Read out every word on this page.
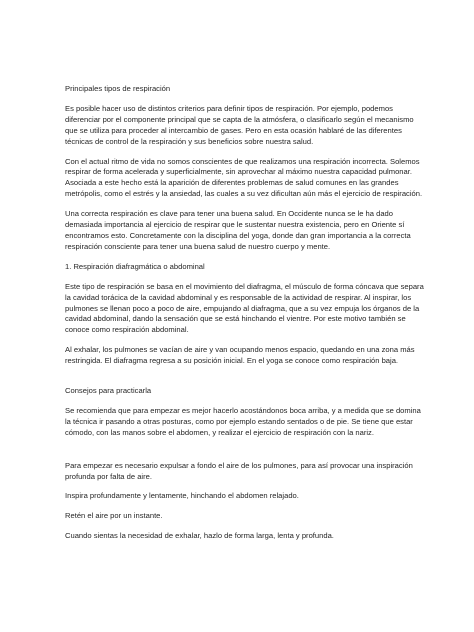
Principales tipos de respiración

Es posible hacer uso de distintos criterios para definir tipos de respiración. Por ejemplo, podemos diferenciar por el componente principal que se capta de la atmósfera, o clasificarlo según el mecanismo que se utiliza para proceder al intercambio de gases. Pero en esta ocasión hablaré de las diferentes técnicas de control de la respiración y sus beneficios sobre nuestra salud.

Con el actual ritmo de vida no somos conscientes de que realizamos una respiración incorrecta. Solemos respirar de forma acelerada y superficialmente, sin aprovechar al máximo nuestra capacidad pulmonar. Asociada a este hecho está la aparición de diferentes problemas de salud comunes en las grandes metrópolis, como el estrés y la ansiedad, las cuales a su vez dificultan aún más el ejercicio de respiración.

Una correcta respiración es clave para tener una buena salud. En Occidente nunca se le ha dado demasiada importancia al ejercicio de respirar que le sustentar nuestra existencia, pero en Oriente sí encontramos esto. Concretamente con la disciplina del yoga, donde dan gran importancia a la correcta respiración consciente para tener una buena salud de nuestro cuerpo y mente.

1. Respiración diafragmática o abdominal

Este tipo de respiración se basa en el movimiento del diafragma, el músculo de forma cóncava que separa la cavidad torácica de la cavidad abdominal y es responsable de la actividad de respirar. Al inspirar, los pulmones se llenan poco a poco de aire, empujando al diafragma, que a su vez empuja los órganos de la cavidad abdominal, dando la sensación que se está hinchando el vientre. Por este motivo también se conoce como respiración abdominal.

Al exhalar, los pulmones se vacían de aire y van ocupando menos espacio, quedando en una zona más restringida. El diafragma regresa a su posición inicial. En el yoga se conoce como respiración baja.

Consejos para practicarla

Se recomienda que para empezar es mejor hacerlo acostándonos boca arriba, y a medida que se domina la técnica ir pasando a otras posturas, como por ejemplo estando sentados o de pie. Se tiene que estar cómodo, con las manos sobre el abdomen, y realizar el ejercicio de respiración con la nariz.

Para empezar es necesario expulsar a fondo el aire de los pulmones, para así provocar una inspiración profunda por falta de aire.

Inspira profundamente y lentamente, hinchando el abdomen relajado.

Retén el aire por un instante.

Cuando sientas la necesidad de exhalar, hazlo de forma larga, lenta y profunda.
